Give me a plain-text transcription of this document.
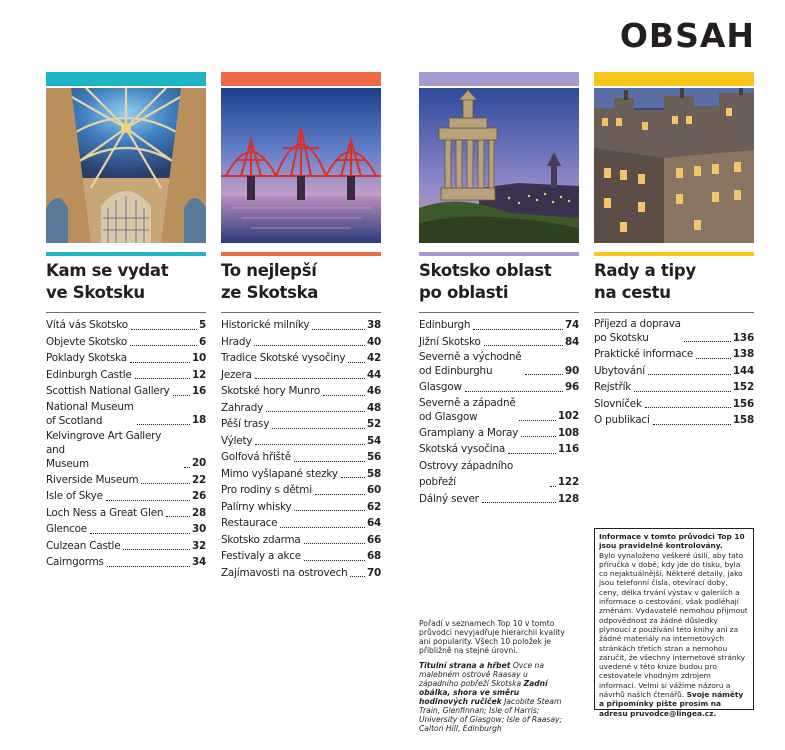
OBSAH
Kam se vydat
ve Skotsku
Vítá vás Skotsko	5
Objevte Skotsko	6
Poklady Skotska	10
Edinburgh Castle	12
Scottish National Gallery 16
National Museum
of Scotland	18
Kelvingrove Art Gallery and
Museum	20
Riverside Museum	22
Isle of Skye	26
Loch Ness a Great Glen	28
Glencoe	30
Culzean Castle	32
Cairngorms	34
To nejlepší
ze Skotska
Historické milníky	38
Hrady	40
Tradice Skotské vysočiny 42
Jezera	44
Skotské hory Munro	46
Zahrady	48
Pěší trasy	52
Výlety	54
Golfová hřiště	56
Mimo vyšlapané stezky	58
Pro rodiny s dětmi	60
Palírny whisky	62
Restaurace	64
Skotsko zdarma	66
Festivaly a akce	68
Zajímavosti na ostrovech 70
Skotsko oblast
po oblasti
Edinburgh	74
Jižní Skotsko	84
Severně a východně
od Edinburghu	90
Glasgow	96
Severně a západně
od Glasgow	102
Grampiany a Moray	108
Skotská vysočina	116
Ostrovy západního pobřeží	122
Dálný sever	128
Rady a tipy
na cestu
Příjezd a doprava
po Skotsku	136
Praktické informace	138
Ubytování	144
Rejstřík	152
Slovníček	156
O publikaci	158

Pořadí v seznamech Top 10 v tomto průvodci nevyjadřuje hierarchii kvality ani popularity. Všech 10 položek je přibližně na stejné úrovni.

Titulní strana a hřbet Ovce na malebném ostrově Raasay u západního pobřeží Skotska Zadní obálka, shora ve směru hodinových ručiček Jacobite Steam Train, Glenfinnan; Isle of Harris; University of Glasgow; Isle of Raasay; Calton Hill, Edinburgh

Informace v tomto průvodci Top 10 jsou pravidelně kontrolovány.
Bylo vynaloženo veškeré úsilí, aby tato příručka v době, kdy jde do tisku, byla co nejaktuálnější. Některé detaily, jako jsou telefonní čísla, otevírací doby, ceny, délka trvání výstav v galeriích a informace o cestování, však podléhají změnám. Vydavatelé nemohou přijmout odpovědnost za žádné důsledky plynoucí z používání této knihy ani za žádné materiály na internetových stránkách třetích stran a nemohou zaručit, že všechny internetové stránky uvedené v této knize budou pro cestovatele vhodným zdrojem informací. Velmi si vážíme názoru a návrhů našich čtenářů. Svoje náměty a připomínky pište prosím na adresu pruvodce@lingea.cz.
